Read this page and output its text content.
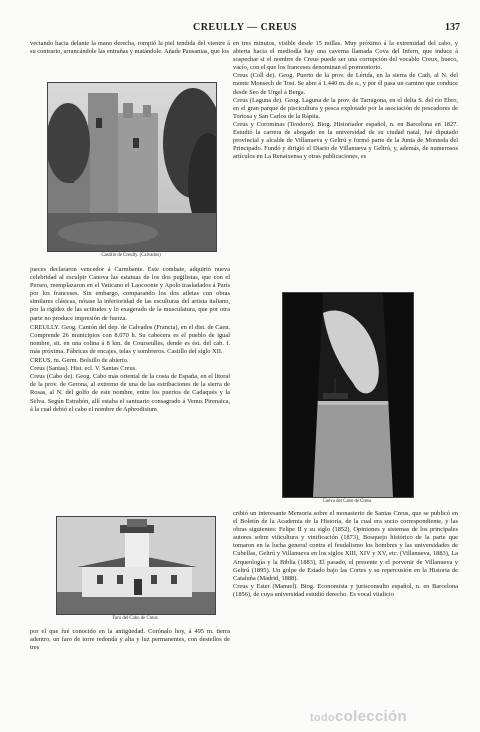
CREULLY — CREUS	137

vectando hacia delante la mano derecha, rompió la piel tendida del vientre á su contrario, arrancándole las entrañas y matándole. Añade Pausanias, que los

Castillo de Creully. (Calvados)

jueces declararon vencedor á Carmbante. Este combate, adquirió nueva celebridad al esculpir Canova las estatuas de los dos pugilistas, que con el Perseo, reemplazaron en el Vaticano el Laocoonte y Apolo trasladados á París por los franceses. Sin embargo, comparando los dos atletas con obras similares clásicas, nótase la inferioridad de las esculturas del artista italiano, por la rigidez de las actitudes y lo exagerado de la musculatura, que por otra parte no produce impresión de fuerza.

CREULLY. Geog. Cantón del dep. de Calvados (Francia), en el dist. de Caen. Comprende 26 municipios con 8.070 h. Su cabecera es el pueblo de igual nombre, sit. en una colina á 8 km. de Courseulles, dende es ést. del cab. f. más próxima. Fábricas de encajes, telas y sombreros. Castillo del siglo XII.

CREUS. m. Germ. Bolsillo de abierto.

Creus (Santas). Hist. ecl. V. Santas Creus.

Creus (Cabo de). Geog. Cabo más oriental de la costa de España, en el litoral de la prov. de Gerona, al extremo de una de las estribaciones de la sierra de Rosas, al N. del golfo de este nombre, entre los puertos de Cadaqués y la Selva. Según Estrabón, allí estaba el santuario consagrado á Venus Pirenaica, á la cual debió el cabo el nombre de Aphrodisium

Faro del Cabo de Creus

por el que fué conocido en la antigüedad. Corónalo hoy, á 495 m. tierra adentro, un faro de torre redonda y alta y luz permanentes, con destellos de tres

en tres minutos, visible desde 15 millas. Muy próximo á la extremidad del cabo, y abierta hacia el mediodía hay una caverna llamada Cova del Infern, que induce á sospechar si el nombre de Creus puede ser una corrupción del vocablo Creux, hueco, vacío, con el que los franceses denominan el promontorio.

Creus (Coll de). Geog. Puerto de la prov. de Lérida, en la sierra de Cadi, al N. del monte Monsech de Tost. Se abre á 1.440 m. de a., y por él pasa un camino que conduce desde Seo de Urgel á Berga.

Creus (Laguna de). Geog. Laguna de la prov. de Tarragona, en el delta S. del río Ebro, en el gran parque de piscicultura y pesca explotado por la asociación de pescadores de Tortosa y San Carlos de la Rápita.

Creus y Corominas (Teodoro). Biog. Historiador español, n. en Barcelona en 1827. Estudió la carrera de abogado en la universidad de su ciudad natal, fué diputado provincial y alcalde de Villanueva y Geltrú y formó parte de la Junta de Monteda del Principado. Fundó y dirigió el Diario de Villanueva y Geltrú, y, además, de numerosos artículos en La Renaixensa y otras publicaciones, es

Cueva del Cabo de Creus

cribió un interesante Memoria sobre el monasterio de Santas Creus, que se publicó en el Boletín de la Academia de la Historia, de la cual era socio correspondiente, y las obras siguientes: Felipe II y su siglo (1852), Opiniones y sistemas de los principales autores sobre viticultura y vinificación (1873), Bosquejo histórico de la parte que tomaron en la lucha general contra el feudalismo los hombres y las universidades de Cubellas, Geltrú y Villanueva en los siglos XIII, XIV y XV, etc. (Villanueva, 1883), La Arqueología y la Biblia (1883), El pasado, el presente y el porvenir de Villanueva y Geltrú (1895). Un golpe de Estado bajo las Cortes y su repercusión en la Historia de Cataluña (Madrid, 1888).

Creus y Ester (Manuel). Biog. Economista y jurisconsulto español, n. en Barcelona (1856), de cuya universidad estudió derecho. Es vocal vitalicio

todocolección
